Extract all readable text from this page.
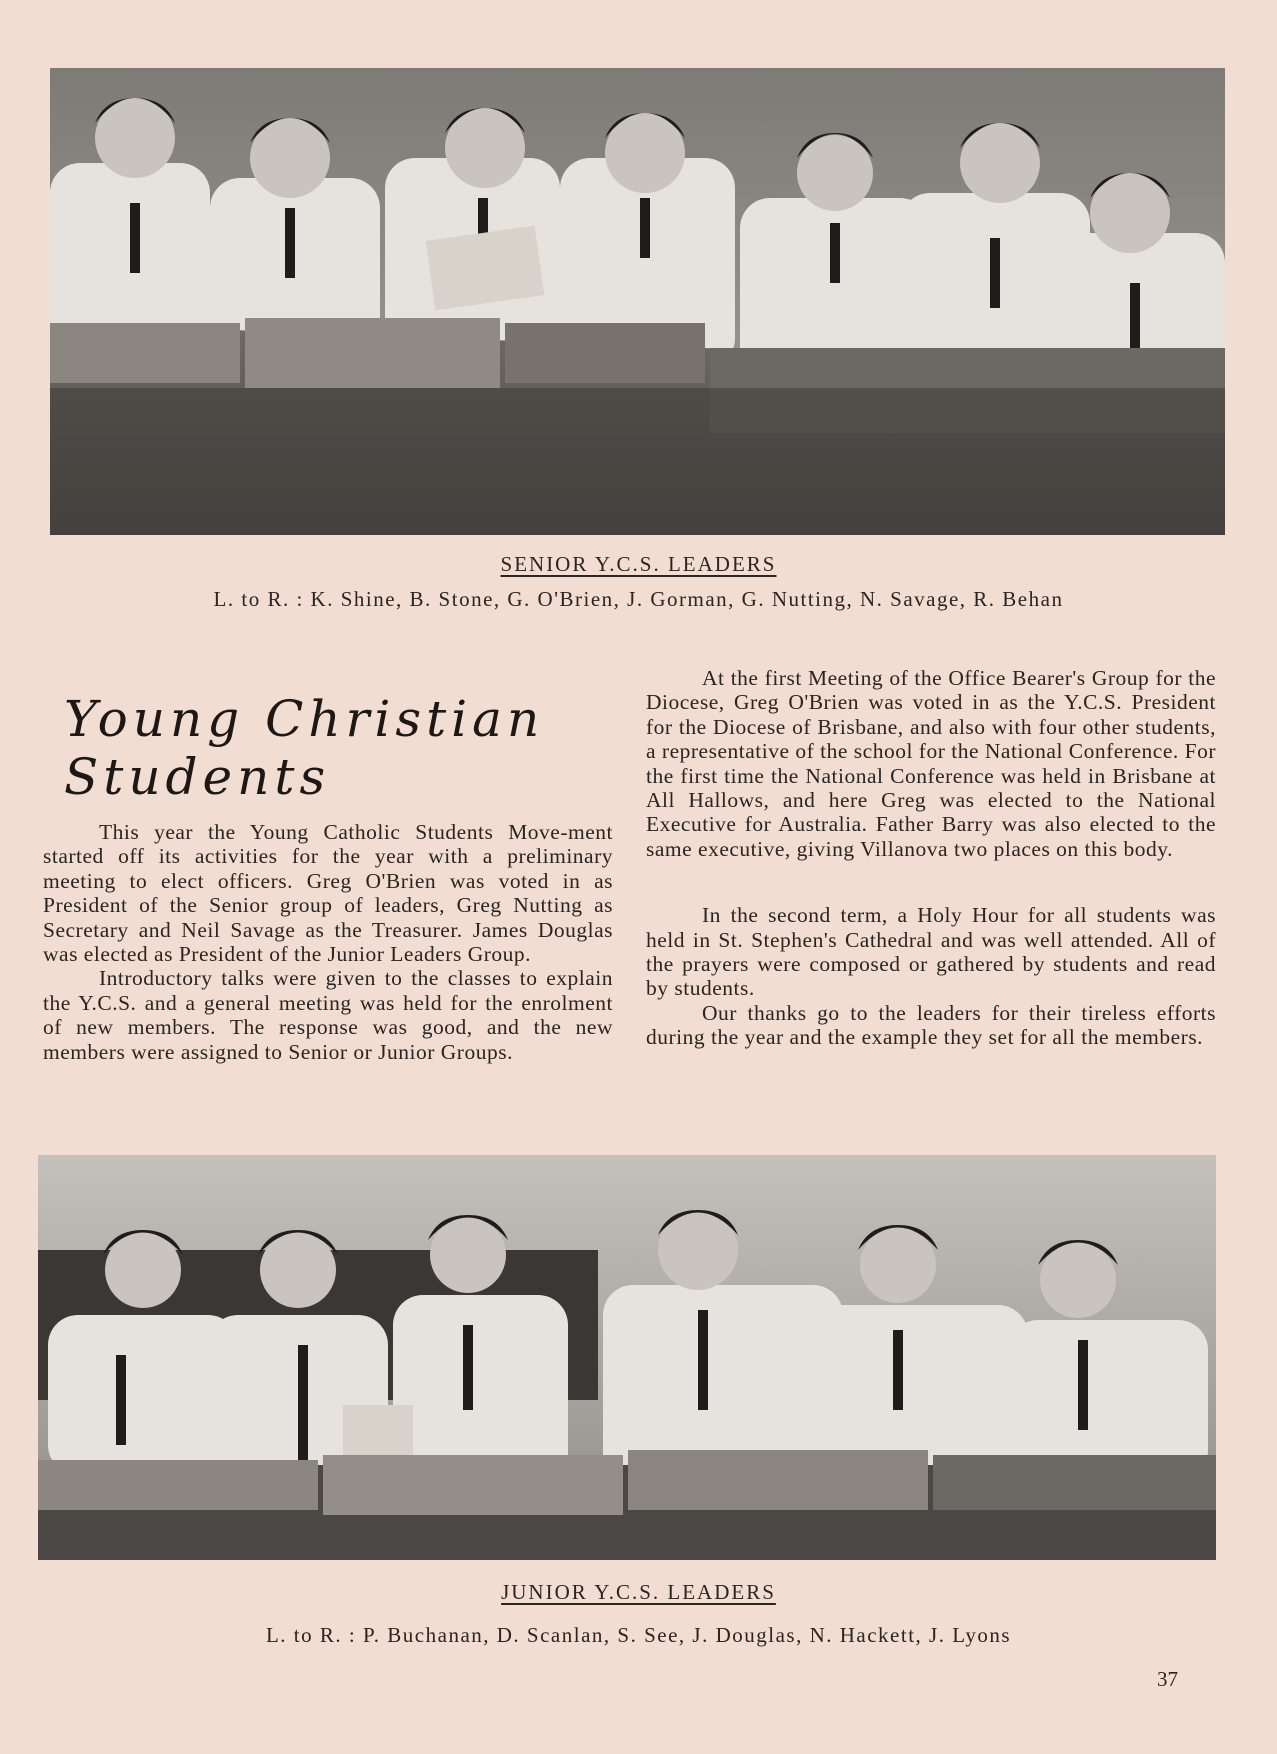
SENIOR Y.C.S. LEADERS
L. to R. : K. Shine, B. Stone, G. O'Brien, J. Gorman, G. Nutting, N. Savage, R. Behan
Young Christian Students

This year the Young Catholic Students Move-ment started off its activities for the year with a preliminary meeting to elect officers. Greg O'Brien was voted in as President of the Senior group of leaders, Greg Nutting as Secretary and Neil Savage as the Treasurer. James Douglas was elected as President of the Junior Leaders Group.

Introductory talks were given to the classes to explain the Y.C.S. and a general meeting was held for the enrolment of new members. The response was good, and the new members were assigned to Senior or Junior Groups.

At the first Meeting of the Office Bearer's Group for the Diocese, Greg O'Brien was voted in as the Y.C.S. President for the Diocese of Brisbane, and also with four other students, a representative of the school for the National Conference. For the first time the National Conference was held in Brisbane at All Hallows, and here Greg was elected to the National Executive for Australia. Father Barry was also elected to the same executive, giving Villanova two places on this body.

In the second term, a Holy Hour for all students was held in St. Stephen's Cathedral and was well attended. All of the prayers were composed or gathered by students and read by students.

Our thanks go to the leaders for their tireless efforts during the year and the example they set for all the members.

JUNIOR Y.C.S. LEADERS
L. to R. : P. Buchanan, D. Scanlan, S. See, J. Douglas, N. Hackett, J. Lyons
37
